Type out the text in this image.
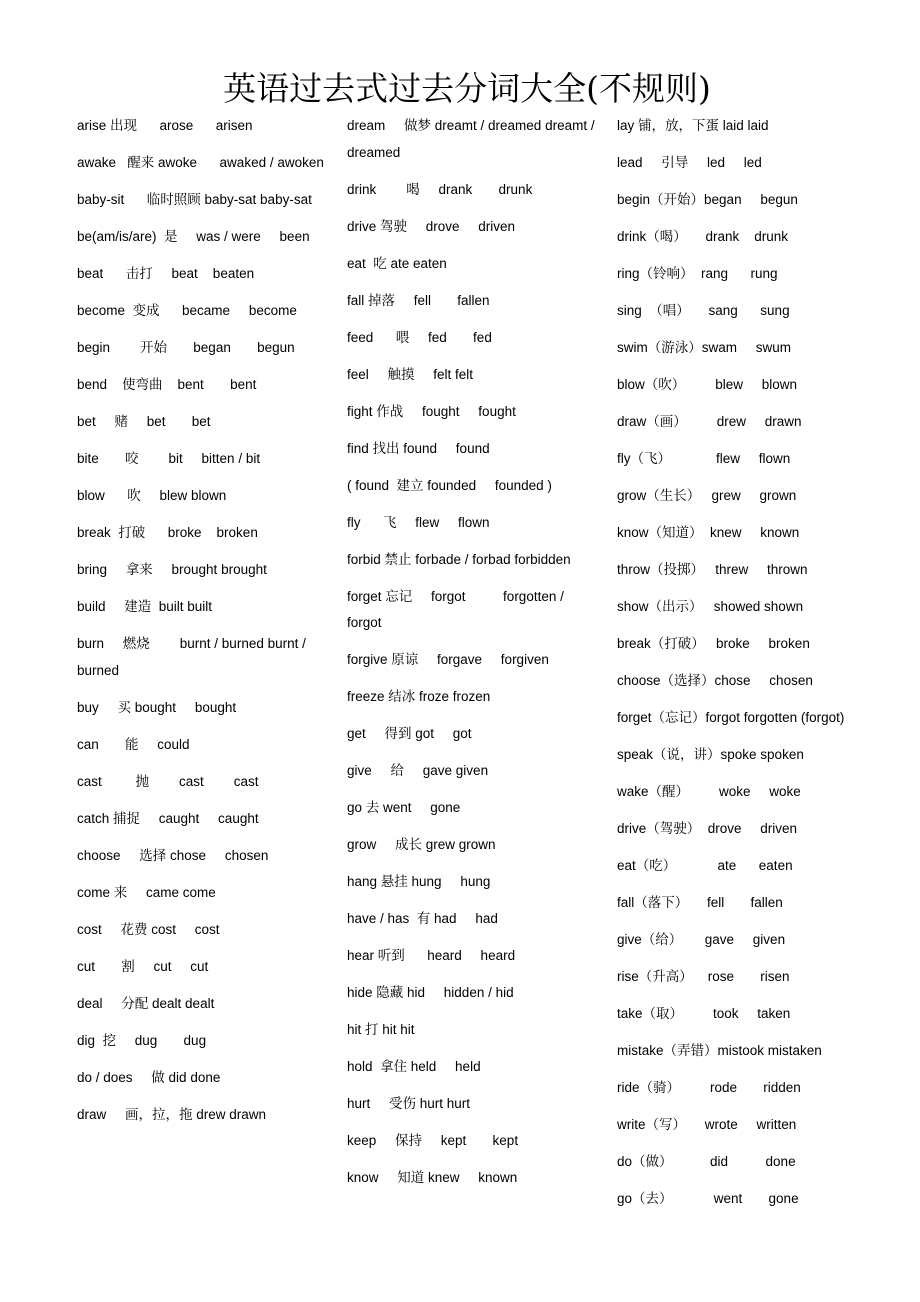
英语过去式过去分词大全(不规则)
arise 出现      arose      arisen
awake   醒来 awoke      awaked / awoken
baby-sit      临时照顾 baby-sat baby-sat
be(am/is/are)  是     was / were     been
beat      击打     beat    beaten
become  变成      became     become
begin        开始       began       begun
bend    使弯曲    bent       bent
bet     赌     bet       bet
bite       咬        bit     bitten / bit
blow      吹     blew blown
break  打破      broke    broken
bring     拿来     brought brought
build     建造  built built
burn     燃烧        burnt / burned burnt / burned
buy     买 bought     bought
can       能     could
cast         抛        cast        cast
catch 捕捉     caught     caught
choose     选择 chose     chosen
come 来     came come
cost     花费 cost     cost
cut       割     cut     cut
deal     分配 dealt dealt
dig  挖     dug       dug
do / does     做 did done
draw     画，拉，拖 drew drawn
dream     做梦 dreamt / dreamed dreamt / dreamed
drink        喝     drank       drunk
drive 驾驶     drove     driven
eat  吃 ate eaten
fall 掉落     fell       fallen
feed      喂     fed       fed
feel     触摸     felt felt
fight 作战     fought     fought
find 找出 found     found
( found  建立 founded     founded )
fly      飞     flew     flown
forbid 禁止 forbade / forbad forbidden
forget 忘记     forgot          forgotten / forgot
forgive 原谅     forgave     forgiven
freeze 结冰 froze frozen
get     得到 got     got
give     给     gave given
go 去 went     gone
grow     成长 grew grown
hang 悬挂 hung     hung
have / has  有 had     had
hear 听到      heard     heard
hide 隐藏 hid     hidden / hid
hit 打 hit hit
hold  拿住 held     held
hurt     受伤 hurt hurt
keep     保持     kept       kept
know     知道 knew     known
lay 铺，放，下蛋 laid laid
lead     引导     led     led
begin（开始）began     begun
drink（喝）     drank    drunk
ring（铃响）  rang      rung
sing  （唱）     sang      sung
swim（游泳）swam     swum
blow（吹）        blew     blown
draw（画）        drew     drawn
fly（飞）            flew     flown
grow（生长）   grew     grown
know（知道）  knew     known
throw（投掷）   threw     thrown
show（出示）   showed shown
break（打破）   broke     broken
choose（选择）chose     chosen
forget（忘记）forgot forgotten (forgot)
speak（说，讲）spoke spoken
wake（醒）        woke     woke
drive（驾驶）  drove     driven
eat（吃）           ate      eaten
fall（落下）     fell       fallen
give（给）      gave     given
rise（升高）    rose       risen
take（取）        took     taken
mistake（弄错）mistook mistaken
ride（骑）        rode       ridden
write（写）     wrote     written
do（做）          did          done
go（去）           went       gone
